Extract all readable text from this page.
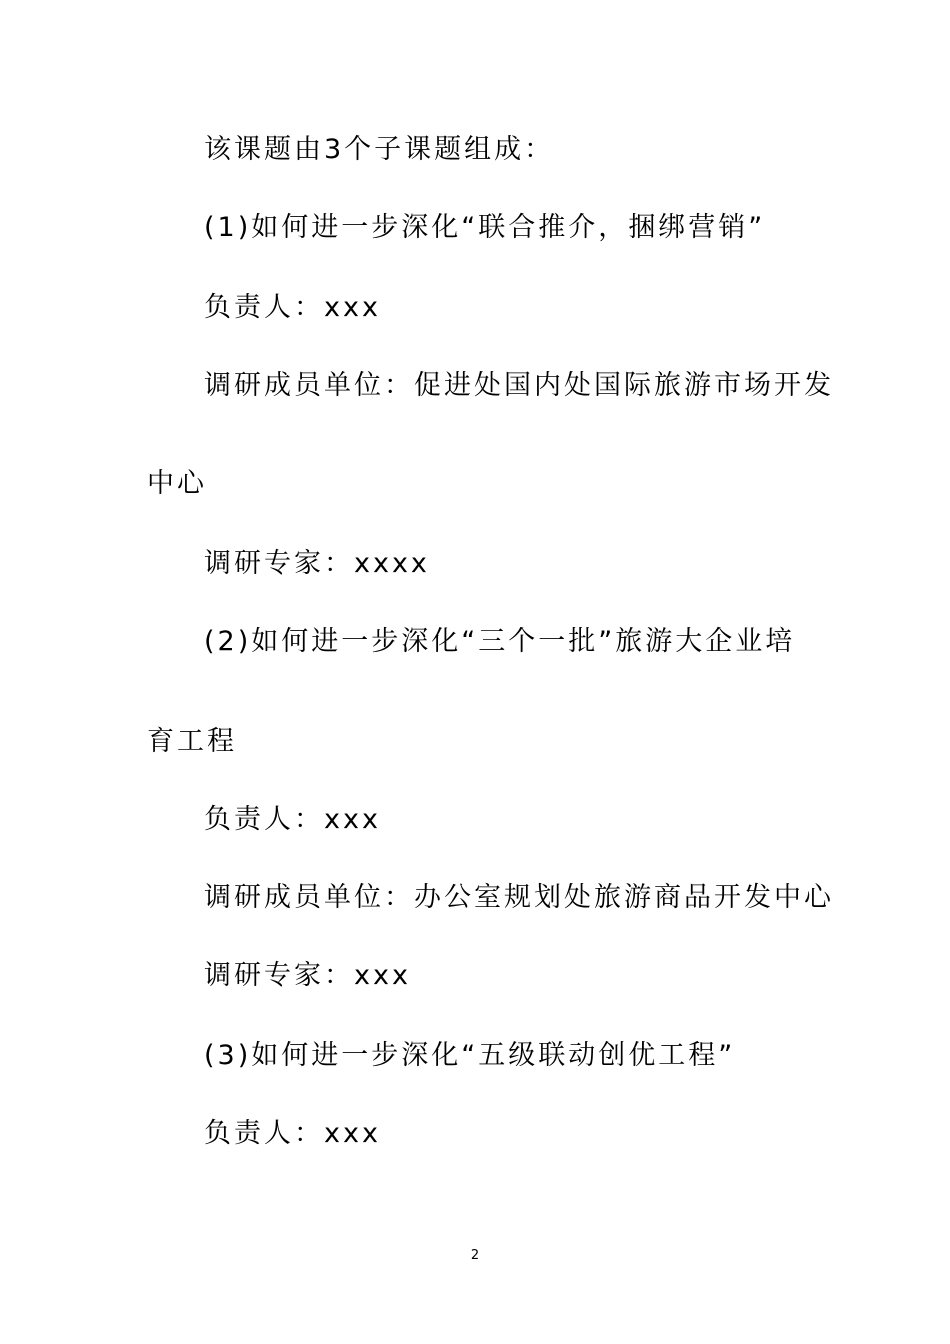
该课题由3个子课题组成：
(1)如何进一步深化“联合推介，捆绑营销”
负责人：xxx
调研成员单位：促进处国内处国际旅游市场开发
中心
调研专家：xxxx
(2)如何进一步深化“三个一批”旅游大企业培
育工程
负责人：xxx
调研成员单位：办公室规划处旅游商品开发中心
调研专家：xxx
(3)如何进一步深化“五级联动创优工程”
负责人：xxx
2
